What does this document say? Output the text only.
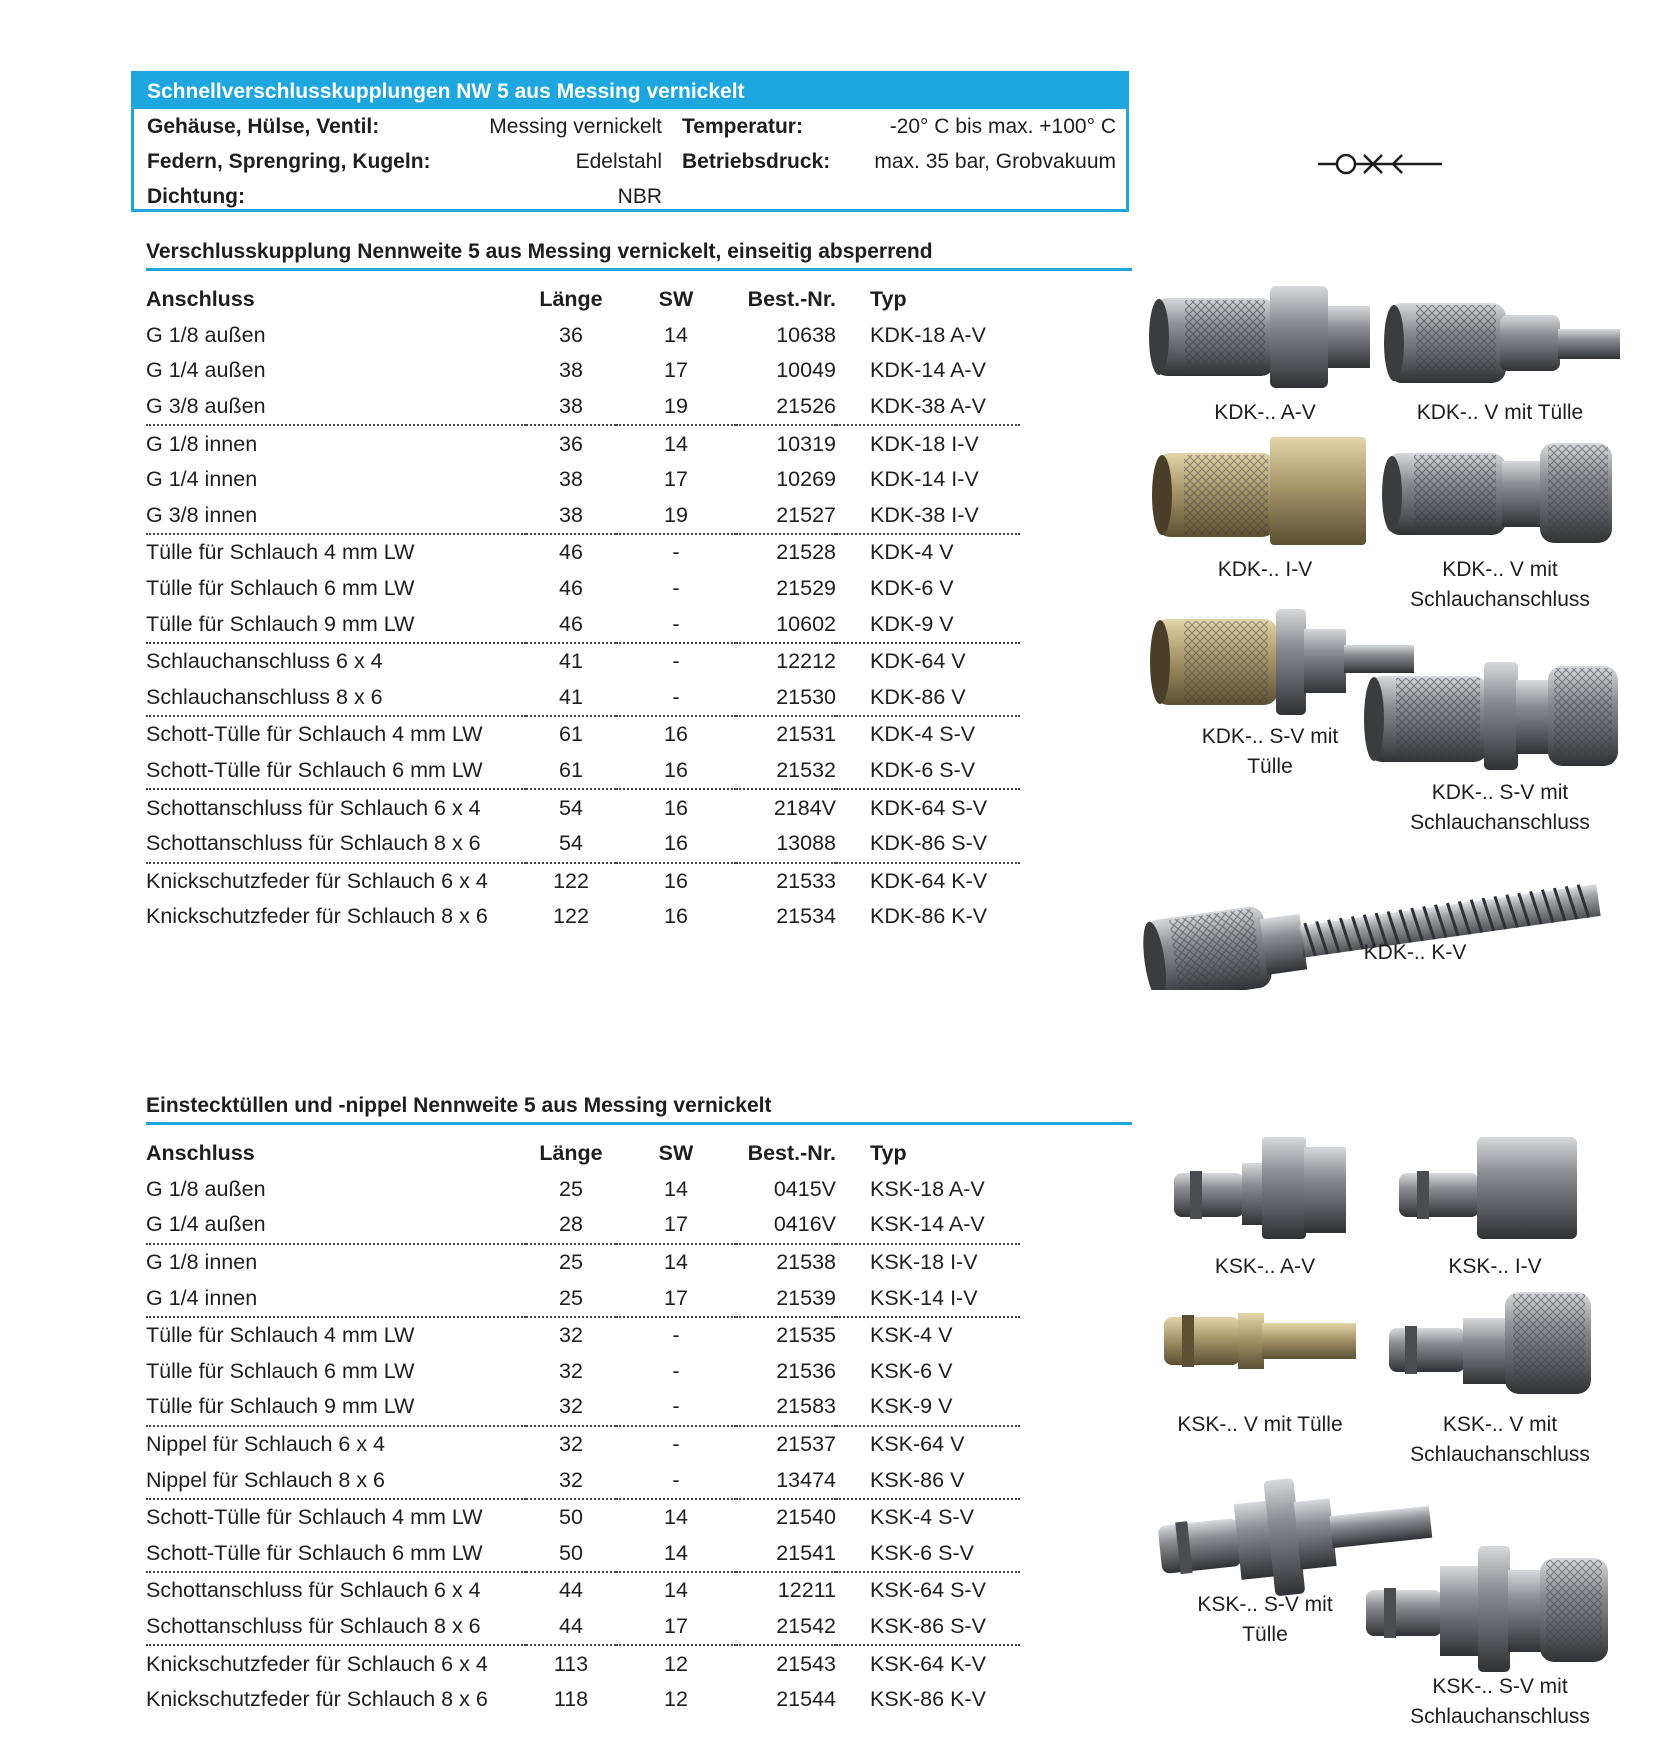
Schnellverschlusskupplungen NW 5 aus Messing vernickelt
Gehäuse, Hülse, Ventil:	Messing vernickelt Temperatur:	-20° C bis max. +100° C
Federn, Sprengring, Kugeln:	Edelstahl Betriebsdruck: max. 35 bar, Grobvakuum
Dichtung:	NBR
Verschlusskupplung Nennweite 5 aus Messing vernickelt, einseitig absperrend
Anschluss	Länge	SW	Best.-Nr.	Typ
G 1/8 außen	36	14	10638	KDK-18 A-V
G 1/4 außen	38	17	10049	KDK-14 A-V
G 3/8 außen	38	19	21526	KDK-38 A-V
G 1/8 innen	36	14	10319	KDK-18 I-V
G 1/4 innen	38	17	10269	KDK-14 I-V
G 3/8 innen	38	19	21527	KDK-38 I-V
Tülle für Schlauch 4 mm LW	46	-	21528	KDK-4 V
Tülle für Schlauch 6 mm LW	46	-	21529	KDK-6 V
Tülle für Schlauch 9 mm LW	46	-	10602	KDK-9 V
Schlauchanschluss 6 x 4	41	-	12212	KDK-64 V
Schlauchanschluss 8 x 6	41	-	21530	KDK-86 V
Schott-Tülle für Schlauch 4 mm LW	61	16	21531	KDK-4 S-V
Schott-Tülle für Schlauch 6 mm LW	61	16	21532	KDK-6 S-V
Schottanschluss für Schlauch 6 x 4	54	16	2184V	KDK-64 S-V
Schottanschluss für Schlauch 8 x 6	54	16	13088	KDK-86 S-V
Knickschutzfeder für Schlauch 6 x 4	122	16	21533	KDK-64 K-V
Knickschutzfeder für Schlauch 8 x 6	122	16	21534	KDK-86 K-V
KDK-.. A-V	KDK-.. V mit Tülle
KDK-.. I-V	KDK-.. V mit Schlauchanschluss
KDK-.. S-V mit Tülle
KDK-.. S-V mit Schlauchanschluss
KDK-.. K-V
Einstecktüllen und -nippel Nennweite 5 aus Messing vernickelt
Anschluss	Länge	SW	Best.-Nr.	Typ
G 1/8 außen	25	14	0415V	KSK-18 A-V
G 1/4 außen	28	17	0416V	KSK-14 A-V
G 1/8 innen	25	14	21538	KSK-18 I-V
G 1/4 innen	25	17	21539	KSK-14 I-V
Tülle für Schlauch 4 mm LW	32	-	21535	KSK-4 V
Tülle für Schlauch 6 mm LW	32	-	21536	KSK-6 V
Tülle für Schlauch 9 mm LW	32	-	21583	KSK-9 V
Nippel für Schlauch 6 x 4	32	-	21537	KSK-64 V
Nippel für Schlauch 8 x 6	32	-	13474	KSK-86 V
Schott-Tülle für Schlauch 4 mm LW	50	14	21540	KSK-4 S-V
Schott-Tülle für Schlauch 6 mm LW	50	14	21541	KSK-6 S-V
Schottanschluss für Schlauch 6 x 4	44	14	12211	KSK-64 S-V
Schottanschluss für Schlauch 8 x 6	44	17	21542	KSK-86 S-V
Knickschutzfeder für Schlauch 6 x 4	113	12	21543	KSK-64 K-V
Knickschutzfeder für Schlauch 8 x 6	118	12	21544	KSK-86 K-V
KSK-.. A-V	KSK-.. I-V
KSK-.. V mit Tülle	KSK-.. V mit Schlauchanschluss
KSK-.. S-V mit Tülle
KSK-.. S-V mit Schlauchanschluss
